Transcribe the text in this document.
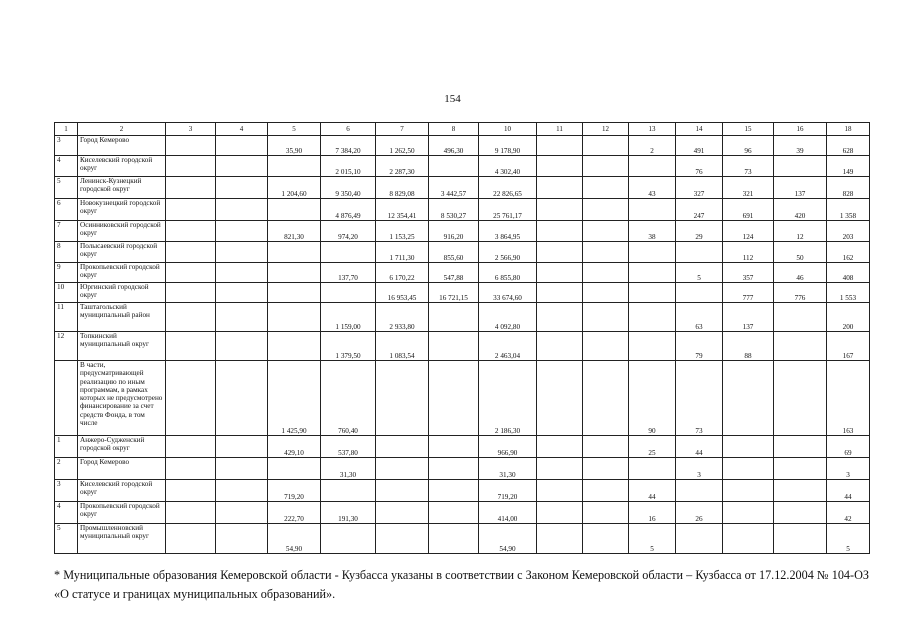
154
1	2	3	4	5	6	7	8	10	11	12	13	14	15	16	18
3	Город Кемерово			35,90	7 384,20	1 262,50	496,30	9 178,90			2	491	96	39	628
4	Киселевский городской округ				2 015,10	2 287,30		4 302,40				76	73		149
5	Ленинск-Кузнецкий городской округ			1 204,60	9 350,40	8 829,08	3 442,57	22 826,65			43	327	321	137	828
6	Новокузнецкий городской округ				4 876,49	12 354,41	8 530,27	25 761,17				247	691	420	1 358
7	Осинниковский городской округ			821,30	974,20	1 153,25	916,20	3 864,95			38	29	124	12	203
8	Полысаевский городской округ					1 711,30	855,60	2 566,90					112	50	162
9	Прокопьевский городской округ				137,70	6 170,22	547,88	6 855,80				5	357	46	408
10	Юргинский городской округ					16 953,45	16 721,15	33 674,60					777	776	1 553
11	Таштагольский муниципальный район				1 159,00	2 933,80		4 092,80				63	137		200
12	Топкинский муниципальный округ				1 379,50	1 083,54		2 463,04				79	88		167
	В части, предусматривающей реализацию по иным программам, в рамках которых не предусмотрено финансирование за счет средств Фонда, в том числе			1 425,90	760,40			2 186,30			90	73			163
1	Анжеро-Судженский городской округ			429,10	537,80			966,90			25	44			69
2	Город Кемерово				31,30			31,30				3			3
3	Киселевский городской округ			719,20				719,20			44				44
4	Прокопьевский городской округ			222,70	191,30			414,00			16	26			42
5	Промышленновский муниципальный округ			54,90				54,90			5				5
* Муниципальные образования Кемеровской области - Кузбасса указаны в соответствии с Законом Кемеровской области – Кузбасса от 17.12.2004 № 104-ОЗ «О статусе и границах муниципальных образований».
